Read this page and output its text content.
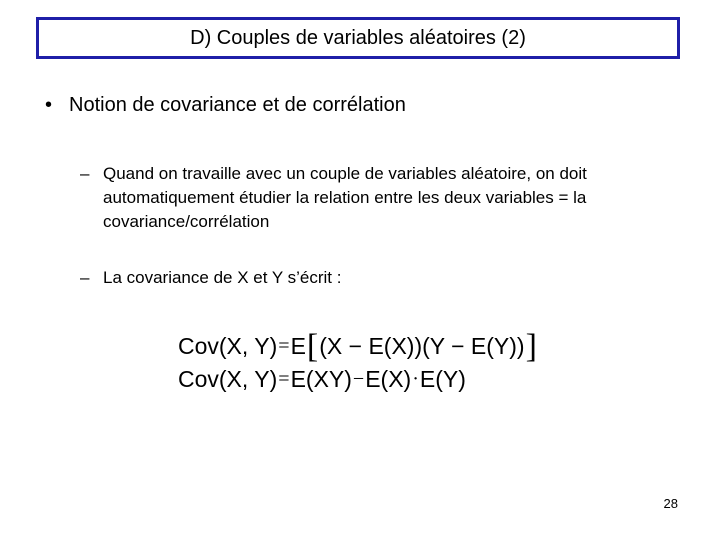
D) Couples de variables aléatoires (2)
• Notion de covariance et de corrélation
– Quand on travaille avec un couple de variables aléatoire, on doit automatiquement étudier la relation entre les deux variables = la covariance/corrélation
– La covariance de X et Y s’écrit :
Cov(X, Y) = E [ (X − E(X))(Y − E(Y)) ]
Cov(X, Y) = E(XY) − E(X) · E(Y)
28
